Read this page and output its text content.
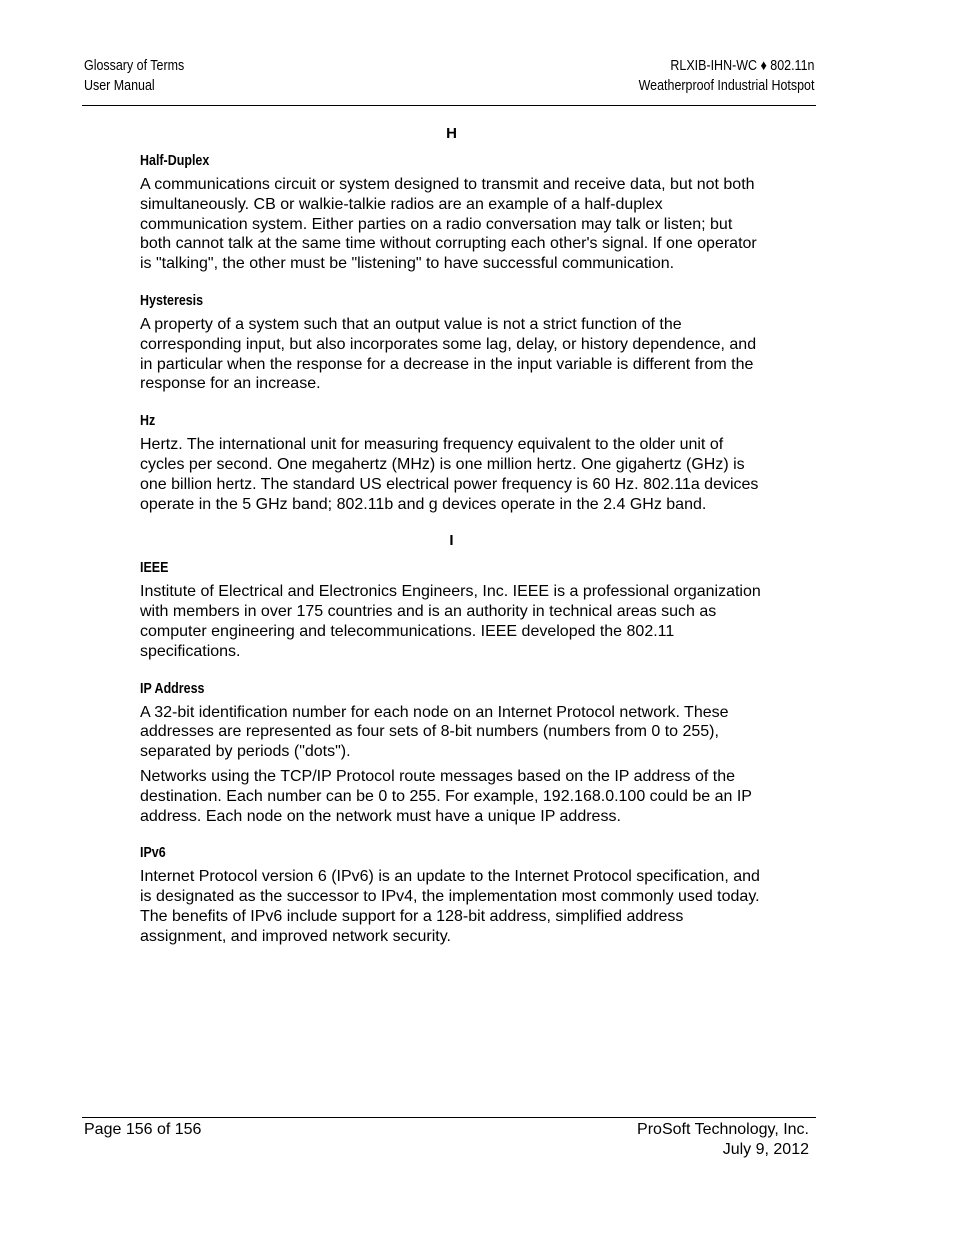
Glossary of Terms
User Manual
RLXIB-IHN-WC ♦ 802.11n
Weatherproof Industrial Hotspot
H
Half-Duplex

A communications circuit or system designed to transmit and receive data, but not both simultaneously. CB or walkie-talkie radios are an example of a half-duplex communication system. Either parties on a radio conversation may talk or listen; but both cannot talk at the same time without corrupting each other's signal. If one operator is "talking", the other must be "listening" to have successful communication.

Hysteresis

A property of a system such that an output value is not a strict function of the corresponding input, but also incorporates some lag, delay, or history dependence, and in particular when the response for a decrease in the input variable is different from the response for an increase.

Hz

Hertz. The international unit for measuring frequency equivalent to the older unit of cycles per second. One megahertz (MHz) is one million hertz. One gigahertz (GHz) is one billion hertz. The standard US electrical power frequency is 60 Hz. 802.11a devices operate in the 5 GHz band; 802.11b and g devices operate in the 2.4 GHz band.

I
IEEE

Institute of Electrical and Electronics Engineers, Inc. IEEE is a professional organization with members in over 175 countries and is an authority in technical areas such as computer engineering and telecommunications. IEEE developed the 802.11 specifications.

IP Address

A 32-bit identification number for each node on an Internet Protocol network. These addresses are represented as four sets of 8-bit numbers (numbers from 0 to 255), separated by periods ("dots").

Networks using the TCP/IP Protocol route messages based on the IP address of the destination. Each number can be 0 to 255. For example, 192.168.0.100 could be an IP address. Each node on the network must have a unique IP address.

IPv6

Internet Protocol version 6 (IPv6) is an update to the Internet Protocol specification, and is designated as the successor to IPv4, the implementation most commonly used today. The benefits of IPv6 include support for a 128-bit address, simplified address assignment, and improved network security.

Page 156 of 156	ProSoft Technology, Inc.
July 9, 2012
